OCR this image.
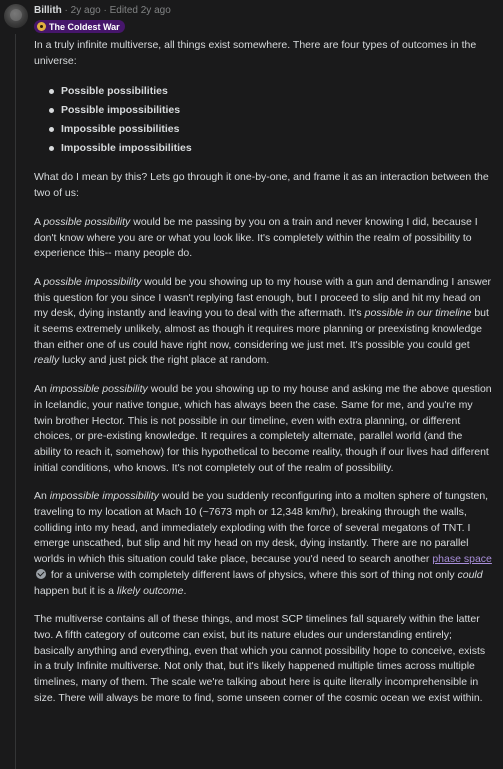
Billith · 2y ago · Edited 2y ago
The Coldest War

In a truly infinite multiverse, all things exist somewhere. There are four types of outcomes in the universe:

Possible possibilities
Possible impossibilities
Impossible possibilities
Impossible impossibilities

What do I mean by this? Lets go through it one-by-one, and frame it as an interaction between the two of us:

A possible possibility would be me passing by you on a train and never knowing I did, because I don't know where you are or what you look like. It's completely within the realm of possibility to experience this-- many people do.

A possible impossibility would be you showing up to my house with a gun and demanding I answer this question for you since I wasn't replying fast enough, but I proceed to slip and hit my head on my desk, dying instantly and leaving you to deal with the aftermath. It's possible in our timeline but it seems extremely unlikely, almost as though it requires more planning or preexisting knowledge than either one of us could have right now, considering we just met. It's possible you could get really lucky and just pick the right place at random.

An impossible possibility would be you showing up to my house and asking me the above question in Icelandic, your native tongue, which has always been the case. Same for me, and you're my twin brother Hector. This is not possible in our timeline, even with extra planning, or different choices, or pre-existing knowledge. It requires a completely alternate, parallel world (and the ability to reach it, somehow) for this hypothetical to become reality, though if our lives had different initial conditions, who knows. It's not completely out of the realm of possibility.

An impossible impossibility would be you suddenly reconfiguring into a molten sphere of tungsten, traveling to my location at Mach 10 (~7673 mph or 12,348 km/hr), breaking through the walls, colliding into my head, and immediately exploding with the force of several megatons of TNT. I emerge unscathed, but slip and hit my head on my desk, dying instantly. There are no parallel worlds in which this situation could take place, because you'd need to search another phase space for a universe with completely different laws of physics, where this sort of thing not only could happen but it is a likely outcome.

The multiverse contains all of these things, and most SCP timelines fall squarely within the latter two. A fifth category of outcome can exist, but its nature eludes our understanding entirely; basically anything and everything, even that which you cannot possibility hope to conceive, exists in a truly Infinite multiverse. Not only that, but it's likely happened multiple times across multiple timelines, many of them. The scale we're talking about here is quite literally incomprehensible in size. There will always be more to find, some unseen corner of the cosmic ocean we exist within.
